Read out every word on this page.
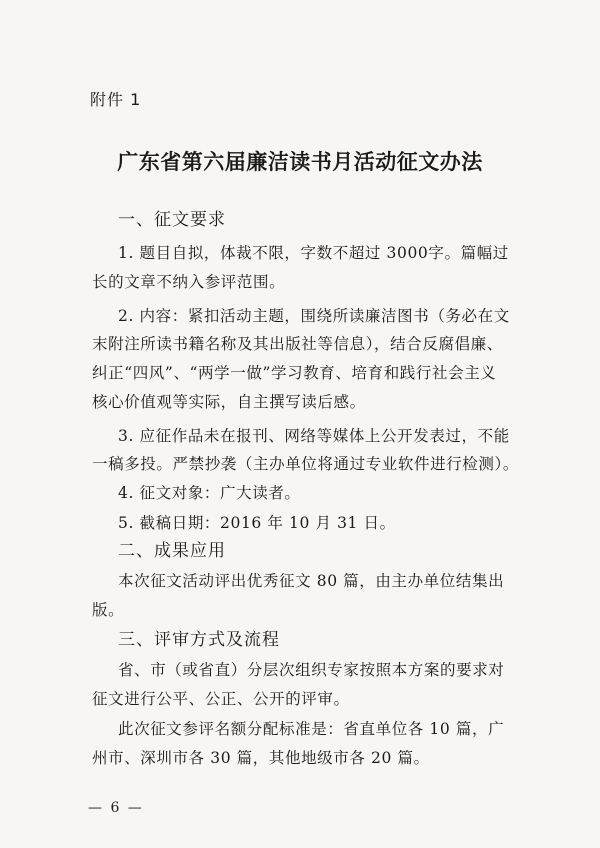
附件 1
广东省第六届廉洁读书月活动征文办法
一、征文要求
1. 题目自拟，体裁不限，字数不超过 3000字。篇幅过
长的文章不纳入参评范围。
2. 内容：紧扣活动主题，围绕所读廉洁图书（务必在文
末附注所读书籍名称及其出版社等信息），结合反腐倡廉、
纠正“四风”、“两学一做”学习教育、培育和践行社会主义
核心价值观等实际，自主撰写读后感。
3. 应征作品未在报刊、网络等媒体上公开发表过，不能
一稿多投。严禁抄袭（主办单位将通过专业软件进行检测）。
4. 征文对象：广大读者。
5. 截稿日期：2016 年 10 月 31 日。
二、成果应用
本次征文活动评出优秀征文 80 篇，由主办单位结集出
版。
三、评审方式及流程
省、市（或省直）分层次组织专家按照本方案的要求对
征文进行公平、公正、公开的评审。
此次征文参评名额分配标准是：省直单位各 10 篇，广
州市、深圳市各 30 篇，其他地级市各 20 篇。
— 6 —
